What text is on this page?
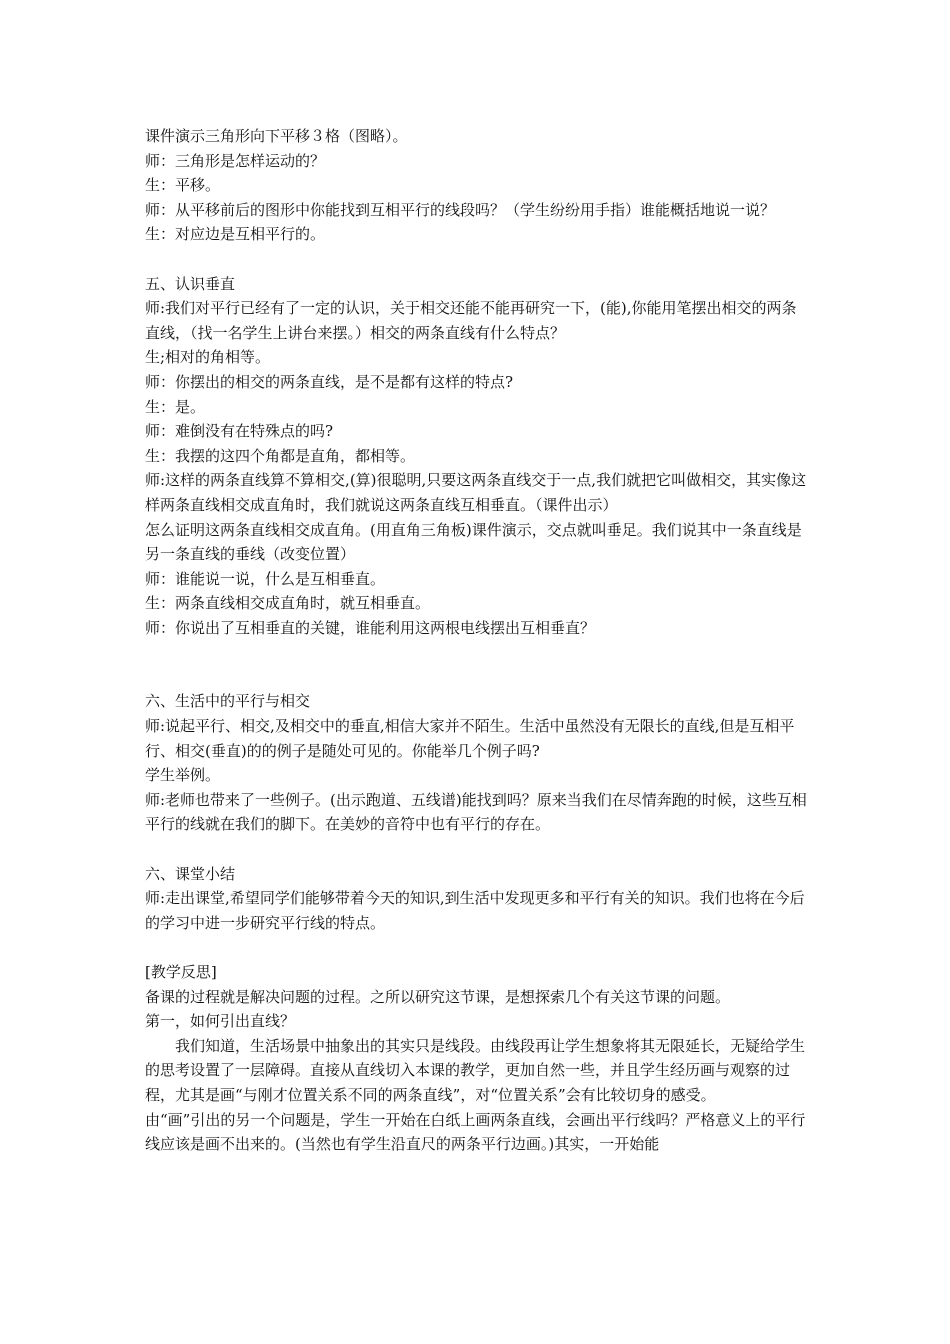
课件演示三角形向下平移３格（图略）。

师：三角形是怎样运动的？

生：平移。

师：从平移前后的图形中你能找到互相平行的线段吗？（学生纷纷用手指）谁能概括地说一说？

生：对应边是互相平行的。

五、认识垂直

师:我们对平行已经有了一定的认识，关于相交还能不能再研究一下，(能),你能用笔摆出相交的两条直线，（找一名学生上讲台来摆。）相交的两条直线有什么特点？

生;相对的角相等。

师：你摆出的相交的两条直线，是不是都有这样的特点?

生：是。

师：难倒没有在特殊点的吗?

生：我摆的这四个角都是直角，都相等。

师:这样的两条直线算不算相交,(算)很聪明,只要这两条直线交于一点,我们就把它叫做相交，其实像这样两条直线相交成直角时，我们就说这两条直线互相垂直。（课件出示）

怎么证明这两条直线相交成直角。(用直角三角板)课件演示，交点就叫垂足。我们说其中一条直线是另一条直线的垂线（改变位置）

师：谁能说一说，什么是互相垂直。

生：两条直线相交成直角时，就互相垂直。

师：你说出了互相垂直的关键，谁能利用这两根电线摆出互相垂直？

六、生活中的平行与相交

师:说起平行、相交,及相交中的垂直,相信大家并不陌生。生活中虽然没有无限长的直线,但是互相平行、相交(垂直)的的例子是随处可见的。你能举几个例子吗?

学生举例。

师:老师也带来了一些例子。(出示跑道、五线谱)能找到吗？原来当我们在尽情奔跑的时候，这些互相平行的线就在我们的脚下。在美妙的音符中也有平行的存在。

六、课堂小结

师:走出课堂,希望同学们能够带着今天的知识,到生活中发现更多和平行有关的知识。我们也将在今后的学习中进一步研究平行线的特点。

[教学反思]

备课的过程就是解决问题的过程。之所以研究这节课，是想探索几个有关这节课的问题。

第一，如何引出直线？

我们知道，生活场景中抽象出的其实只是线段。由线段再让学生想象将其无限延长，无疑给学生的思考设置了一层障碍。直接从直线切入本课的教学，更加自然一些，并且学生经历画与观察的过程，尤其是画“与刚才位置关系不同的两条直线”，对“位置关系”会有比较切身的感受。

由“画”引出的另一个问题是，学生一开始在白纸上画两条直线，会画出平行线吗？严格意义上的平行线应该是画不出来的。(当然也有学生沿直尺的两条平行边画。)其实，一开始能
